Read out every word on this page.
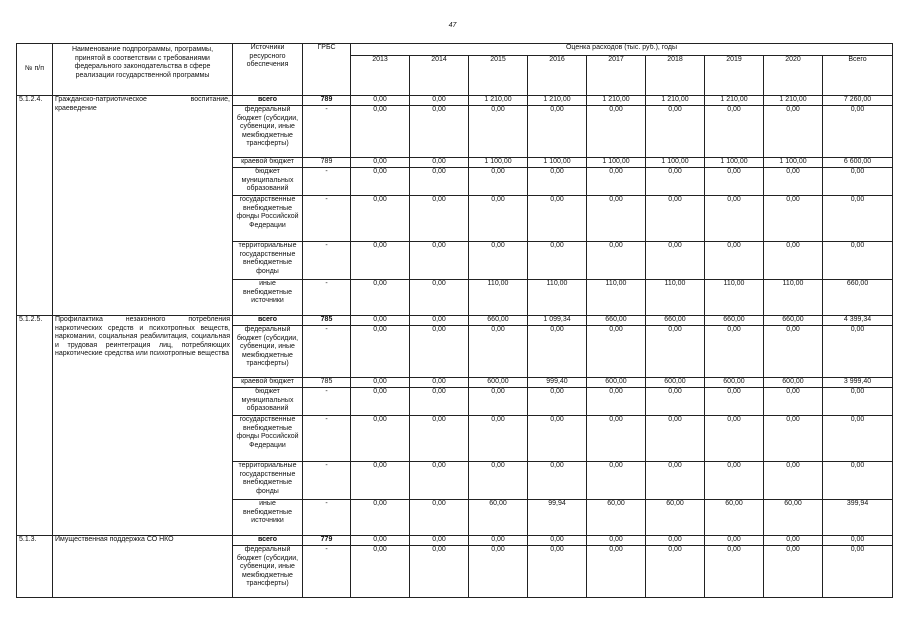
47
№ п/п	Наименование подпрограммы, программы, принятой в соответствии с требованиями федерального законодательства в сфере реализации государственной программы	Источники ресурсного обеспечения	ГРБС	Оценка расходов (тыс. руб.), годы								
				2013	2014	2015	2016	2017	2018	2019	2020	Всего
5.1.2.4.	Гражданско-патриотическое воспитание, краеведение	всего	789	0,00	0,00	1 210,00	1 210,00	1 210,00	1 210,00	1 210,00	1 210,00	7 260,00
		федеральный бюджет (субсидии, субвенции, иные межбюджетные трансферты)	-	0,00	0,00	0,00	0,00	0,00	0,00	0,00	0,00	0,00
		краевой бюджет	789	0,00	0,00	1 100,00	1 100,00	1 100,00	1 100,00	1 100,00	1 100,00	6 600,00
		бюджет муниципальных образований	-	0,00	0,00	0,00	0,00	0,00	0,00	0,00	0,00	0,00
		государственные внебюджетные фонды Российской Федерации	-	0,00	0,00	0,00	0,00	0,00	0,00	0,00	0,00	0,00
		территориальные государственные внебюджетные фонды	-	0,00	0,00	0,00	0,00	0,00	0,00	0,00	0,00	0,00
		иные внебюджетные источники	-	0,00	0,00	110,00	110,00	110,00	110,00	110,00	110,00	660,00
5.1.2.5.	Профилактика незаконного потребления наркотических средств и психотропных веществ, наркомании, социальная реабилитация, социальная и трудовая реинтеграция лиц, потребляющих наркотические средства или психотропные вещества	всего	785	0,00	0,00	660,00	1 099,34	660,00	660,00	660,00	660,00	4 399,34
		федеральный бюджет (субсидии, субвенции, иные межбюджетные трансферты)	-	0,00	0,00	0,00	0,00	0,00	0,00	0,00	0,00	0,00
		краевой бюджет	785	0,00	0,00	600,00	999,40	600,00	600,00	600,00	600,00	3 999,40
		бюджет муниципальных образований	-	0,00	0,00	0,00	0,00	0,00	0,00	0,00	0,00	0,00
		государственные внебюджетные фонды Российской Федерации	-	0,00	0,00	0,00	0,00	0,00	0,00	0,00	0,00	0,00
		территориальные государственные внебюджетные фонды	-	0,00	0,00	0,00	0,00	0,00	0,00	0,00	0,00	0,00
		иные внебюджетные источники	-	0,00	0,00	60,00	99,94	60,00	60,00	60,00	60,00	399,94
5.1.3.	Имущественная поддержка СО НКО	всего	779	0,00	0,00	0,00	0,00	0,00	0,00	0,00	0,00	0,00
		федеральный бюджет (субсидии, субвенции, иные межбюджетные трансферты)	-	0,00	0,00	0,00	0,00	0,00	0,00	0,00	0,00	0,00
